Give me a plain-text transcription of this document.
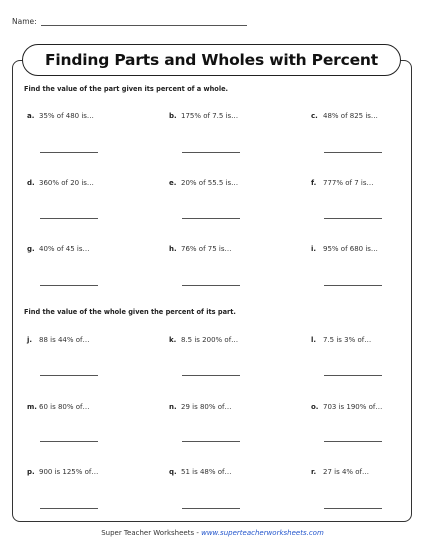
Name:
Finding Parts and Wholes with Percent
Find the value of the part given its percent of a whole.
a. 35% of 480 is…	b. 175% of 7.5 is…	c. 48% of 825 is…
d. 360% of 20 is…	e. 20% of 55.5 is…	f. 777% of 7 is…
g. 40% of 45 is…	h. 76% of 75 is…	i. 95% of 680 is…
Find the value of the whole given the percent of its part.
j. 88 is 44% of…	k. 8.5 is 200% of…	l. 7.5 is 3% of…
m. 60 is 80% of…	n. 29 is 80% of…	o. 703 is 190% of…
p. 900 is 125% of…	q. 51 is 48% of…	r. 27 is 4% of…
Super Teacher Worksheets - www.superteacherworksheets.com
